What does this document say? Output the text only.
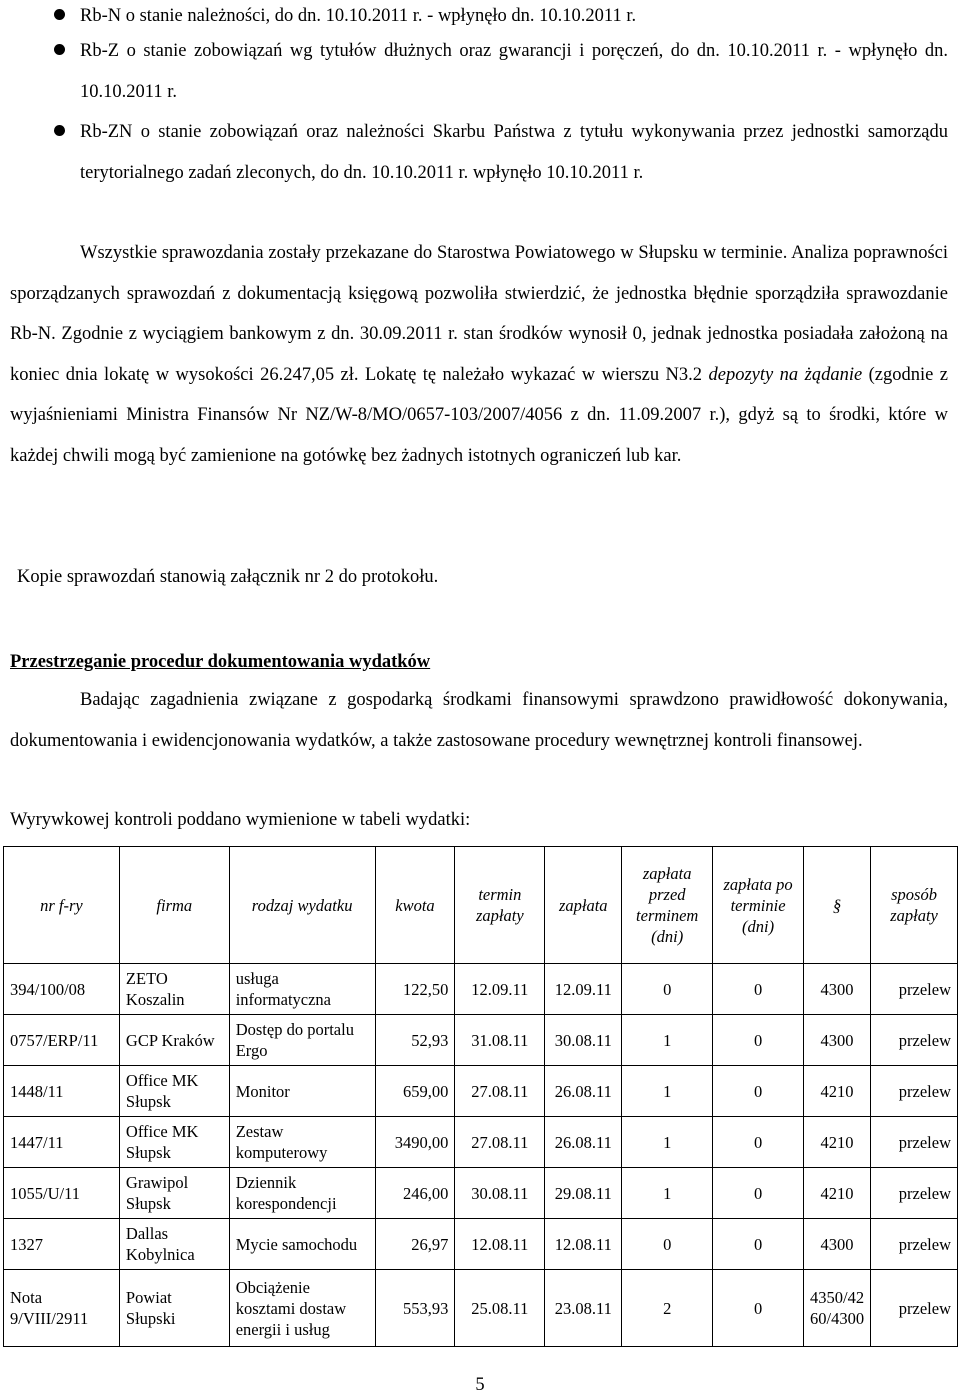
Rb-N o stanie należności, do dn. 10.10.2011 r. - wpłynęło dn. 10.10.2011 r.
Rb-Z o stanie zobowiązań wg tytułów dłużnych oraz gwarancji i poręczeń, do dn. 10.10.2011 r. - wpłynęło dn. 10.10.2011 r.
Rb-ZN o stanie zobowiązań oraz należności Skarbu Państwa z tytułu wykonywania przez jednostki samorządu terytorialnego zadań zleconych, do dn. 10.10.2011 r. wpłynęło 10.10.2011 r.

Wszystkie sprawozdania zostały przekazane do Starostwa Powiatowego w Słupsku w terminie. Analiza poprawności sporządzanych sprawozdań z dokumentacją księgową pozwoliła stwierdzić, że jednostka błędnie sporządziła sprawozdanie Rb-N. Zgodnie z wyciągiem bankowym z dn. 30.09.2011 r. stan środków wynosił 0, jednak jednostka posiadała założoną na koniec dnia lokatę w wysokości 26.247,05 zł. Lokatę tę należało wykazać w wierszu N3.2 depozyty na żądanie (zgodnie z wyjaśnieniami Ministra Finansów Nr NZ/W-8/MO/0657-103/2007/4056 z dn. 11.09.2007 r.), gdyż są to środki, które w każdej chwili mogą być zamienione na gotówkę bez żadnych istotnych ograniczeń lub kar.

Kopie sprawozdań stanowią załącznik nr 2 do protokołu.
Przestrzeganie procedur dokumentowania wydatków

Badając zagadnienia związane z gospodarką środkami finansowymi sprawdzono prawidłowość dokonywania, dokumentowania i ewidencjonowania wydatków, a także zastosowane procedury wewnętrznej kontroli finansowej.

Wyrywkowej kontroli poddano wymienione w tabeli wydatki:
nr f-ry	firma	rodzaj wydatku	kwota	termin zapłaty	zapłata	zapłata przed terminem (dni)	zapłata po terminie (dni)	§	sposób zapłaty
394/100/08	ZETO Koszalin	usługa informatyczna	122,50	12.09.11	12.09.11	0	0	4300	przelew
0757/ERP/11	GCP Kraków	Dostęp do portalu Ergo	52,93	31.08.11	30.08.11	1	0	4300	przelew
1448/11	Office MK Słupsk	Monitor	659,00	27.08.11	26.08.11	1	0	4210	przelew
1447/11	Office MK Słupsk	Zestaw komputerowy	3490,00	27.08.11	26.08.11	1	0	4210	przelew
1055/U/11	Grawipol Słupsk	Dziennik korespondencji	246,00	30.08.11	29.08.11	1	0	4210	przelew
1327	Dallas Kobylnica	Mycie samochodu	26,97	12.08.11	12.08.11	0	0	4300	przelew
Nota 9/VIII/2911	Powiat Słupski	Obciążenie kosztami dostaw energii i usług	553,93	25.08.11	23.08.11	2	0	4350/42 60/4300	przelew
5
